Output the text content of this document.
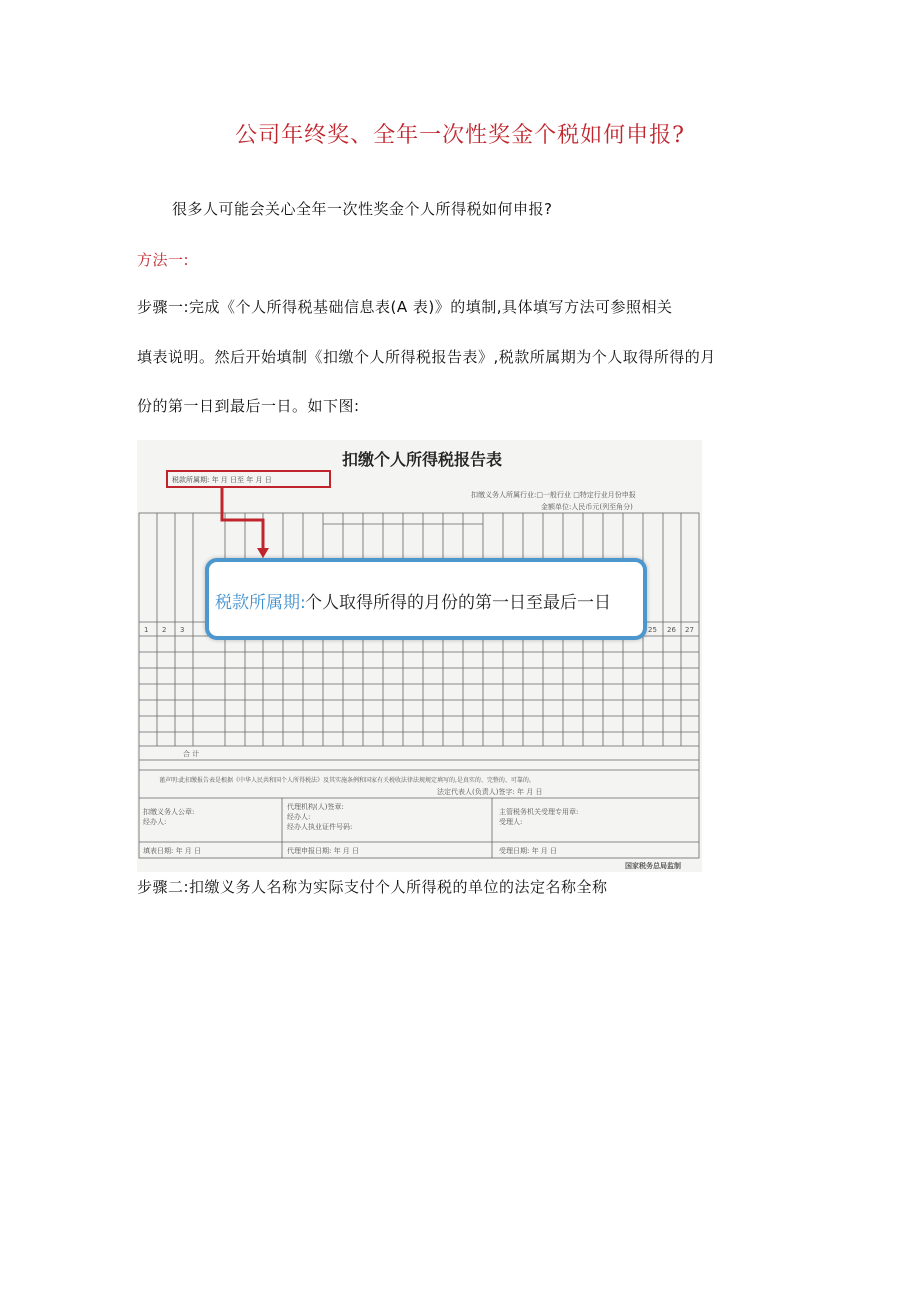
公司年终奖、全年一次性奖金个税如何申报?
很多人可能会关心全年一次性奖金个人所得税如何申报?
方法一:
步骤一:完成《个人所得税基础信息表(A 表)》的填制,具体填写方法可参照相关
填表说明。然后开始填制《扣缴个人所得税报告表》,税款所属期为个人取得所得的月
份的第一日到最后一日。如下图:
扣缴个人所得税报告表
税款所属期: 年 月 日至 年 月 日
扣缴义务人所属行业:□一般行业 □特定行业月份申报
金额单位:人民币元(列至角分)
1 2 3	25 26 27
合 计
谨声明:此扣缴报告表是根据《中华人民共和国个人所得税法》及其实施条例和国家有关税收法律法规规定填写的,是真实的、完整的、可靠的。
法定代表人(负责人)签字: 年 月 日
扣缴义务人公章:
经办人:
代理机构(人)签章:
经办人:
经办人执业证件号码:
主管税务机关受理专用章:
受理人:
填表日期: 年 月 日	代理申报日期: 年 月 日	受理日期: 年 月 日
国家税务总局监制
税款所属期: 个人取得所得的月份的第一日至最后一日
步骤二:扣缴义务人名称为实际支付个人所得税的单位的法定名称全称
